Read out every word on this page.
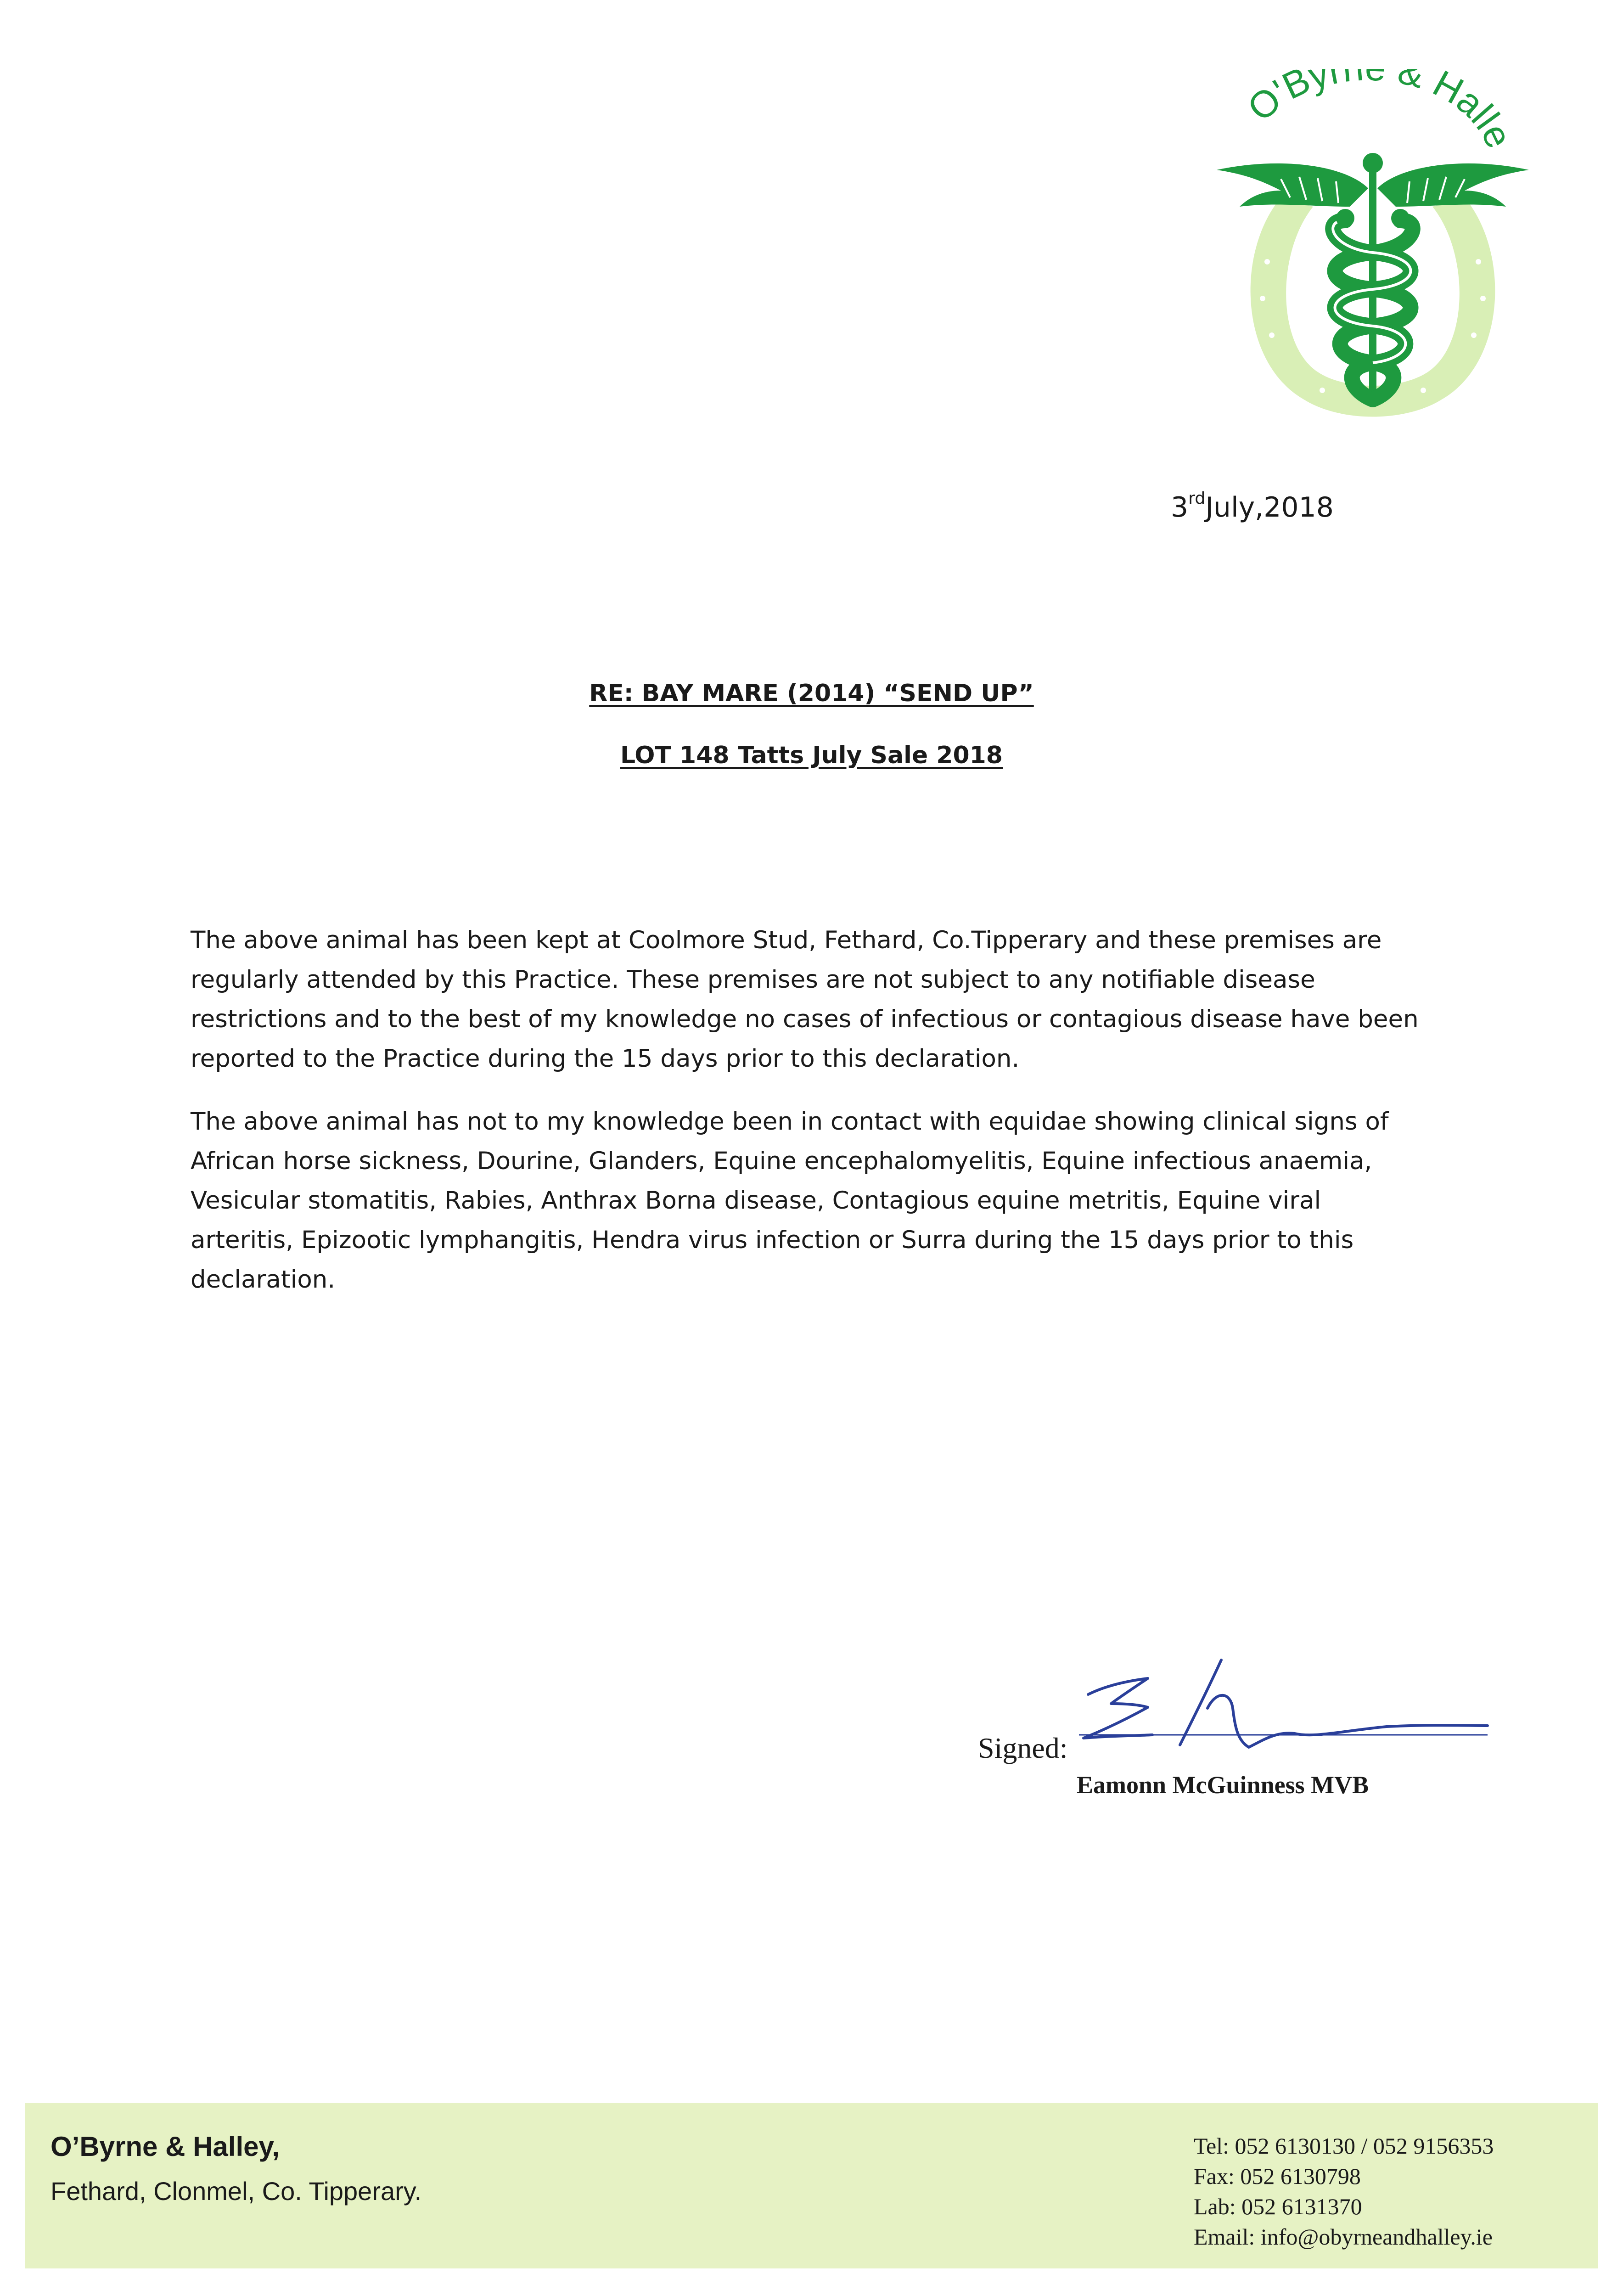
O'Byr & Halle
3rdJuly,2018
RE: BAY MARE (2014) “SEND UP”
LOT 148 Tatts July Sale 2018

The above animal has been kept at Coolmore Stud, Fethard, Co.Tipperary and these premises are regularly attended by this Practice. These premises are not subject to any notifiable disease restrictions and to the best of my knowledge no cases of infectious or contagious disease have been reported to the Practice during the 15 days prior to this declaration.

The above animal has not to my knowledge been in contact with equidae showing clinical signs of African horse sickness, Dourine, Glanders, Equine encephalomyelitis, Equine infectious anaemia, Vesicular stomatitis, Rabies, Anthrax Borna disease, Contagious equine metritis, Equine viral arteritis, Epizootic lymphangitis, Hendra virus infection or Surra during the 15 days prior to this declaration.

Signed:
Eamonn McGuinness MVB
O’Byrne & Halley,
Fethard, Clonmel, Co. Tipperary.
Tel: 052 6130130 / 052 9156353
Fax: 052 6130798
Lab: 052 6131370
Email: info@obyrneandhalley.ie
